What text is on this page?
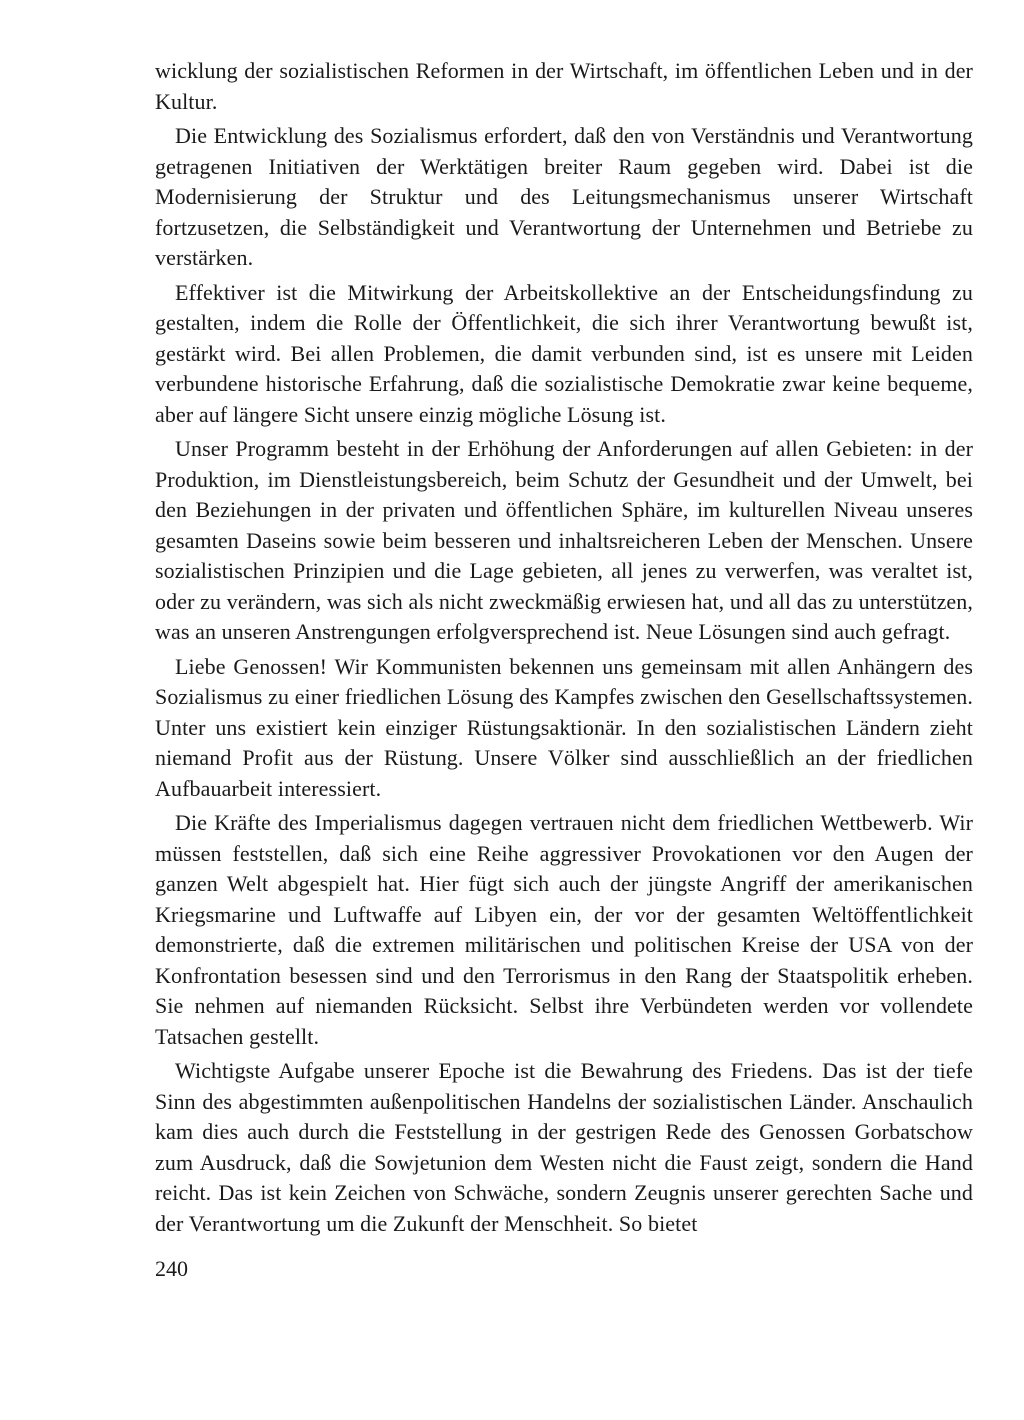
wicklung der sozialistischen Reformen in der Wirtschaft, im öffentlichen Leben und in der Kultur.

Die Entwicklung des Sozialismus erfordert, daß den von Verständnis und Verantwortung getragenen Initiativen der Werktätigen breiter Raum gegeben wird. Dabei ist die Modernisierung der Struktur und des Leitungsmechanismus unserer Wirtschaft fortzusetzen, die Selbständigkeit und Verantwortung der Unternehmen und Betriebe zu verstärken.

Effektiver ist die Mitwirkung der Arbeitskollektive an der Entscheidungsfindung zu gestalten, indem die Rolle der Öffentlichkeit, die sich ihrer Verantwortung bewußt ist, gestärkt wird. Bei allen Problemen, die damit verbunden sind, ist es unsere mit Leiden verbundene historische Erfahrung, daß die sozialistische Demokratie zwar keine bequeme, aber auf längere Sicht unsere einzig mögliche Lösung ist.

Unser Programm besteht in der Erhöhung der Anforderungen auf allen Gebieten: in der Produktion, im Dienstleistungsbereich, beim Schutz der Gesundheit und der Umwelt, bei den Beziehungen in der privaten und öffentlichen Sphäre, im kulturellen Niveau unseres gesamten Daseins sowie beim besseren und inhaltsreicheren Leben der Menschen. Unsere sozialistischen Prinzipien und die Lage gebieten, all jenes zu verwerfen, was veraltet ist, oder zu verändern, was sich als nicht zweckmäßig erwiesen hat, und all das zu unterstützen, was an unseren Anstrengungen erfolgversprechend ist. Neue Lösungen sind auch gefragt.

Liebe Genossen! Wir Kommunisten bekennen uns gemeinsam mit allen Anhängern des Sozialismus zu einer friedlichen Lösung des Kampfes zwischen den Gesellschaftssystemen. Unter uns existiert kein einziger Rüstungsaktionär. In den sozialistischen Ländern zieht niemand Profit aus der Rüstung. Unsere Völker sind ausschließlich an der friedlichen Aufbauarbeit interessiert.

Die Kräfte des Imperialismus dagegen vertrauen nicht dem friedlichen Wettbewerb. Wir müssen feststellen, daß sich eine Reihe aggressiver Provokationen vor den Augen der ganzen Welt abgespielt hat. Hier fügt sich auch der jüngste Angriff der amerikanischen Kriegsmarine und Luftwaffe auf Libyen ein, der vor der gesamten Weltöffentlichkeit demonstrierte, daß die extremen militärischen und politischen Kreise der USA von der Konfrontation besessen sind und den Terrorismus in den Rang der Staatspolitik erheben. Sie nehmen auf niemanden Rücksicht. Selbst ihre Verbündeten werden vor vollendete Tatsachen gestellt.

Wichtigste Aufgabe unserer Epoche ist die Bewahrung des Friedens. Das ist der tiefe Sinn des abgestimmten außenpolitischen Handelns der sozialistischen Länder. Anschaulich kam dies auch durch die Feststellung in der gestrigen Rede des Genossen Gorbatschow zum Ausdruck, daß die Sowjetunion dem Westen nicht die Faust zeigt, sondern die Hand reicht. Das ist kein Zeichen von Schwäche, sondern Zeugnis unserer gerechten Sache und der Verantwortung um die Zukunft der Menschheit. So bietet

240
